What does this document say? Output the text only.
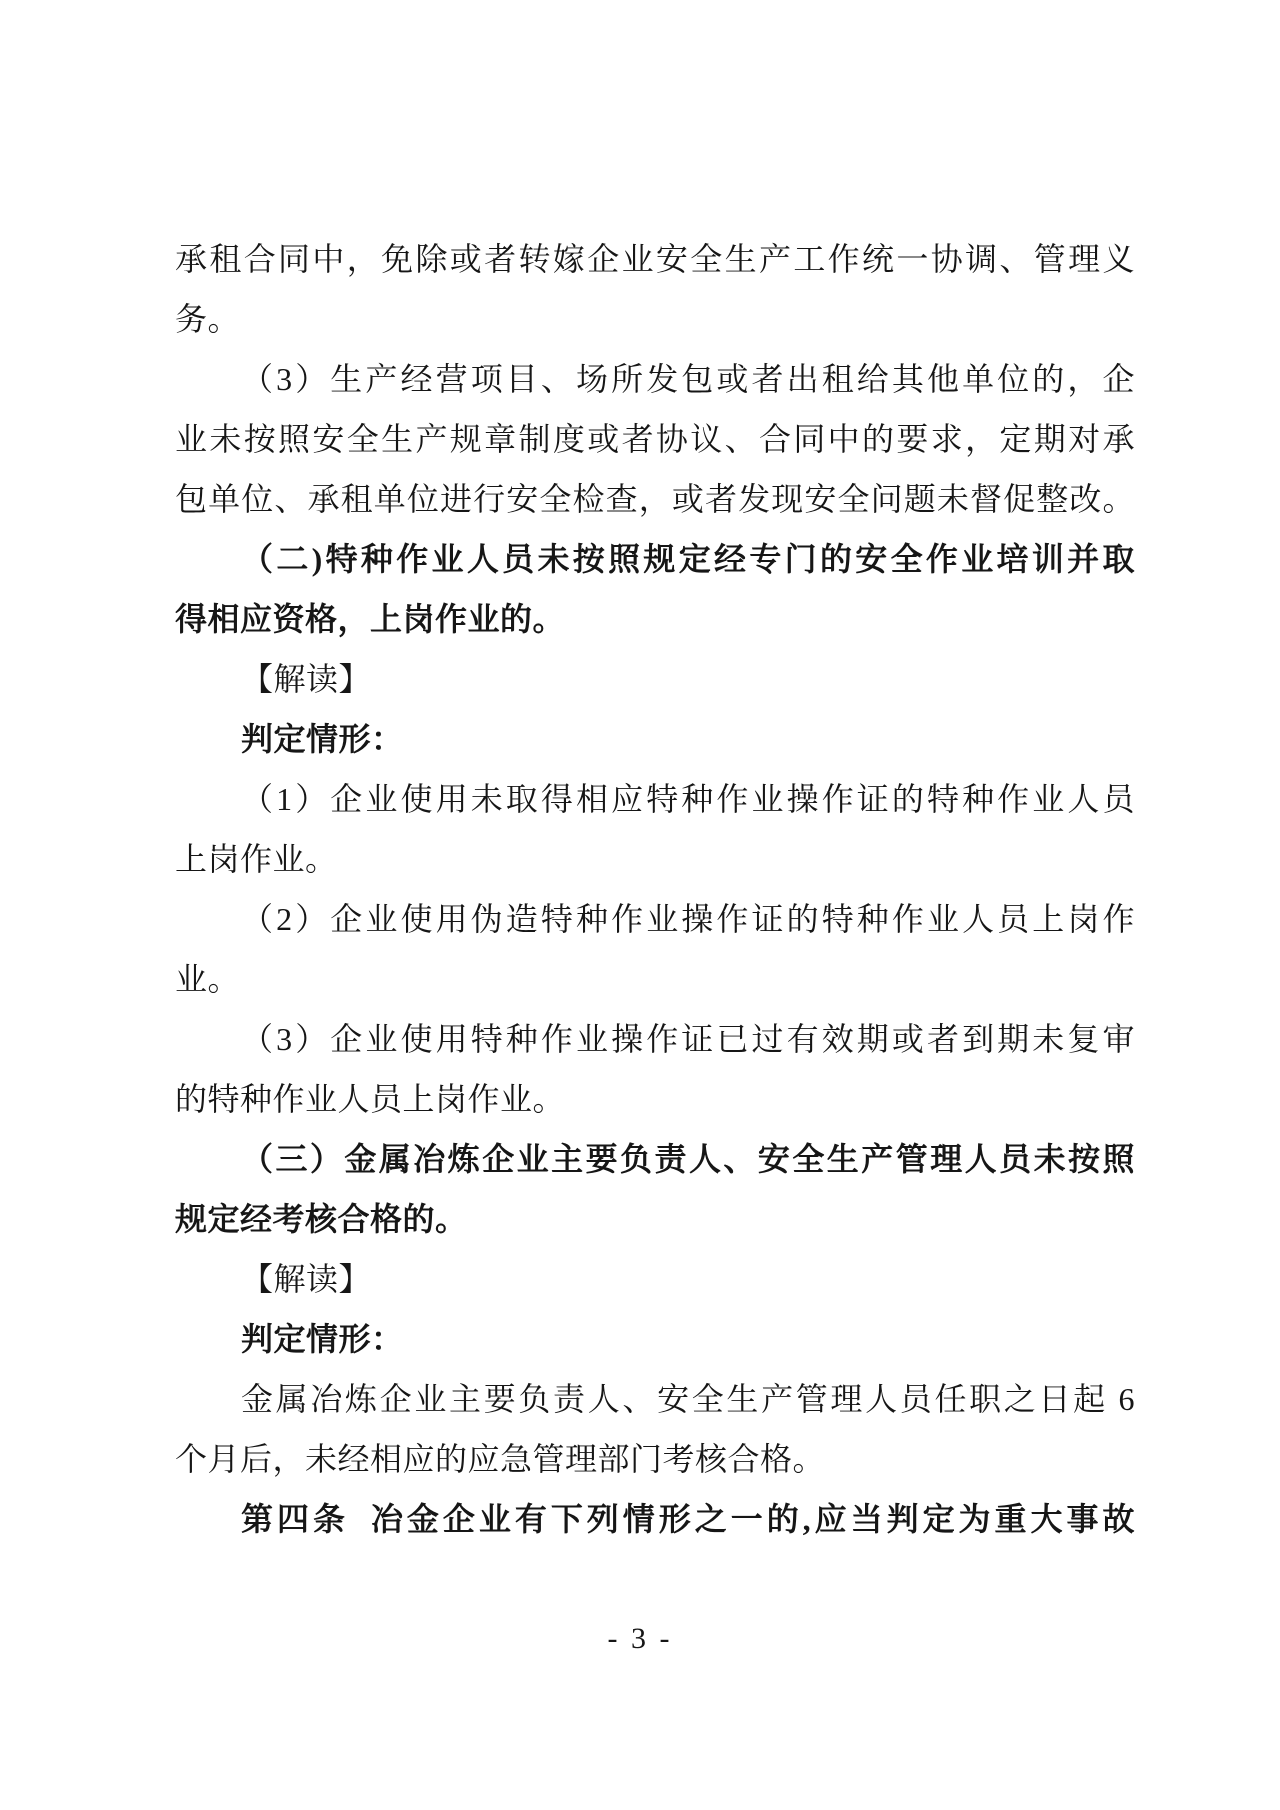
承租合同中，免除或者转嫁企业安全生产工作统一协调、管理义
务。
（3）生产经营项目、场所发包或者出租给其他单位的，企
业未按照安全生产规章制度或者协议、合同中的要求，定期对承
包单位、承租单位进行安全检查，或者发现安全问题未督促整改。
（二)特种作业人员未按照规定经专门的安全作业培训并取
得相应资格，上岗作业的。
【解读】
判定情形：
（1）企业使用未取得相应特种作业操作证的特种作业人员
上岗作业。
（2）企业使用伪造特种作业操作证的特种作业人员上岗作
业。
（3）企业使用特种作业操作证已过有效期或者到期未复审
的特种作业人员上岗作业。
（三）金属冶炼企业主要负责人、安全生产管理人员未按照
规定经考核合格的。
【解读】
判定情形：
金属冶炼企业主要负责人、安全生产管理人员任职之日起 6
个月后，未经相应的应急管理部门考核合格。
第四条 冶金企业有下列情形之一的,应当判定为重大事故
- 3 -
